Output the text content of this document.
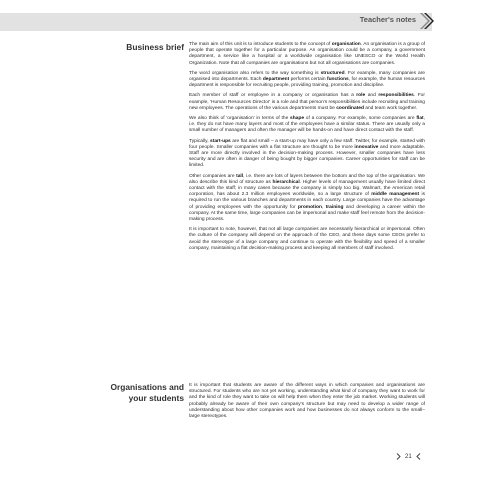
Teacher's notes
Business brief The main aim of this unit is to introduce students to the concept of organisation. An organisation is a group of people that operate together for a particular purpose. An organisation could be a company, a government department, a service like a hospital or a worldwide organisation like UNESCO or the World Health Organization. Note that all companies are organisations but not all organisations are companies.

The word organisation also refers to the way something is structured. For example, many companies are organised into departments. Each department performs certain functions, for example, the human resources department is responsible for recruiting people, providing training, promotion and discipline.

Each member of staff or employee in a company or organisation has a role and responsibilities. For example, 'Human Resources Director' is a role and that person's responsibilities include recruiting and training new employees. The operations of the various departments must be coordinated and team work together.

We also think of 'organisation' in terms of the shape of a company. For example, some companies are flat, i.e. they do not have many layers and most of the employees have a similar status. There are usually only a small number of managers and often the manager will be hands-on and have direct contact with the staff.

Typically, start-ups are flat and small – a start-up may have only a few staff. Twitter, for example, started with four people. Smaller companies with a flat structure are thought to be more innovative and more adaptable. Staff are more directly involved in the decision-making process. However, smaller companies have less security and are often in danger of being bought by bigger companies. Career opportunities for staff can be limited.

Other companies are tall, i.e. there are lots of layers between the bottom and the top of the organisation. We also describe this kind of structure as hierarchical. Higher levels of management usually have limited direct contact with the staff; in many cases because the company is simply too big. Walmart, the American retail corporation, has about 2.3 million employees worldwide, so a large structure of middle management is required to run the various branches and departments in each country. Large companies have the advantage of providing employees with the opportunity for promotion, training and developing a career within the company. At the same time, large companies can be impersonal and make staff feel remote from the decision-making process.

It is important to note, however, that not all large companies are necessarily hierarchical or impersonal. Often the culture of the company will depend on the approach of the CEO, and these days some CEOs prefer to avoid the stereotype of a large company and continue to operate with the flexibility and speed of a smaller company, maintaining a flat decision-making process and keeping all members of staff involved.

Organisations and your students

It is important that students are aware of the different ways in which companies and organisations are structured. For students who are not yet working, understanding what kind of company they want to work for and the kind of role they want to take on will help them when they enter the job market. Working students will probably already be aware of their own company's structure but may need to develop a wider range of understanding about how other companies work and how businesses do not always conform to the small–large stereotypes.

21
